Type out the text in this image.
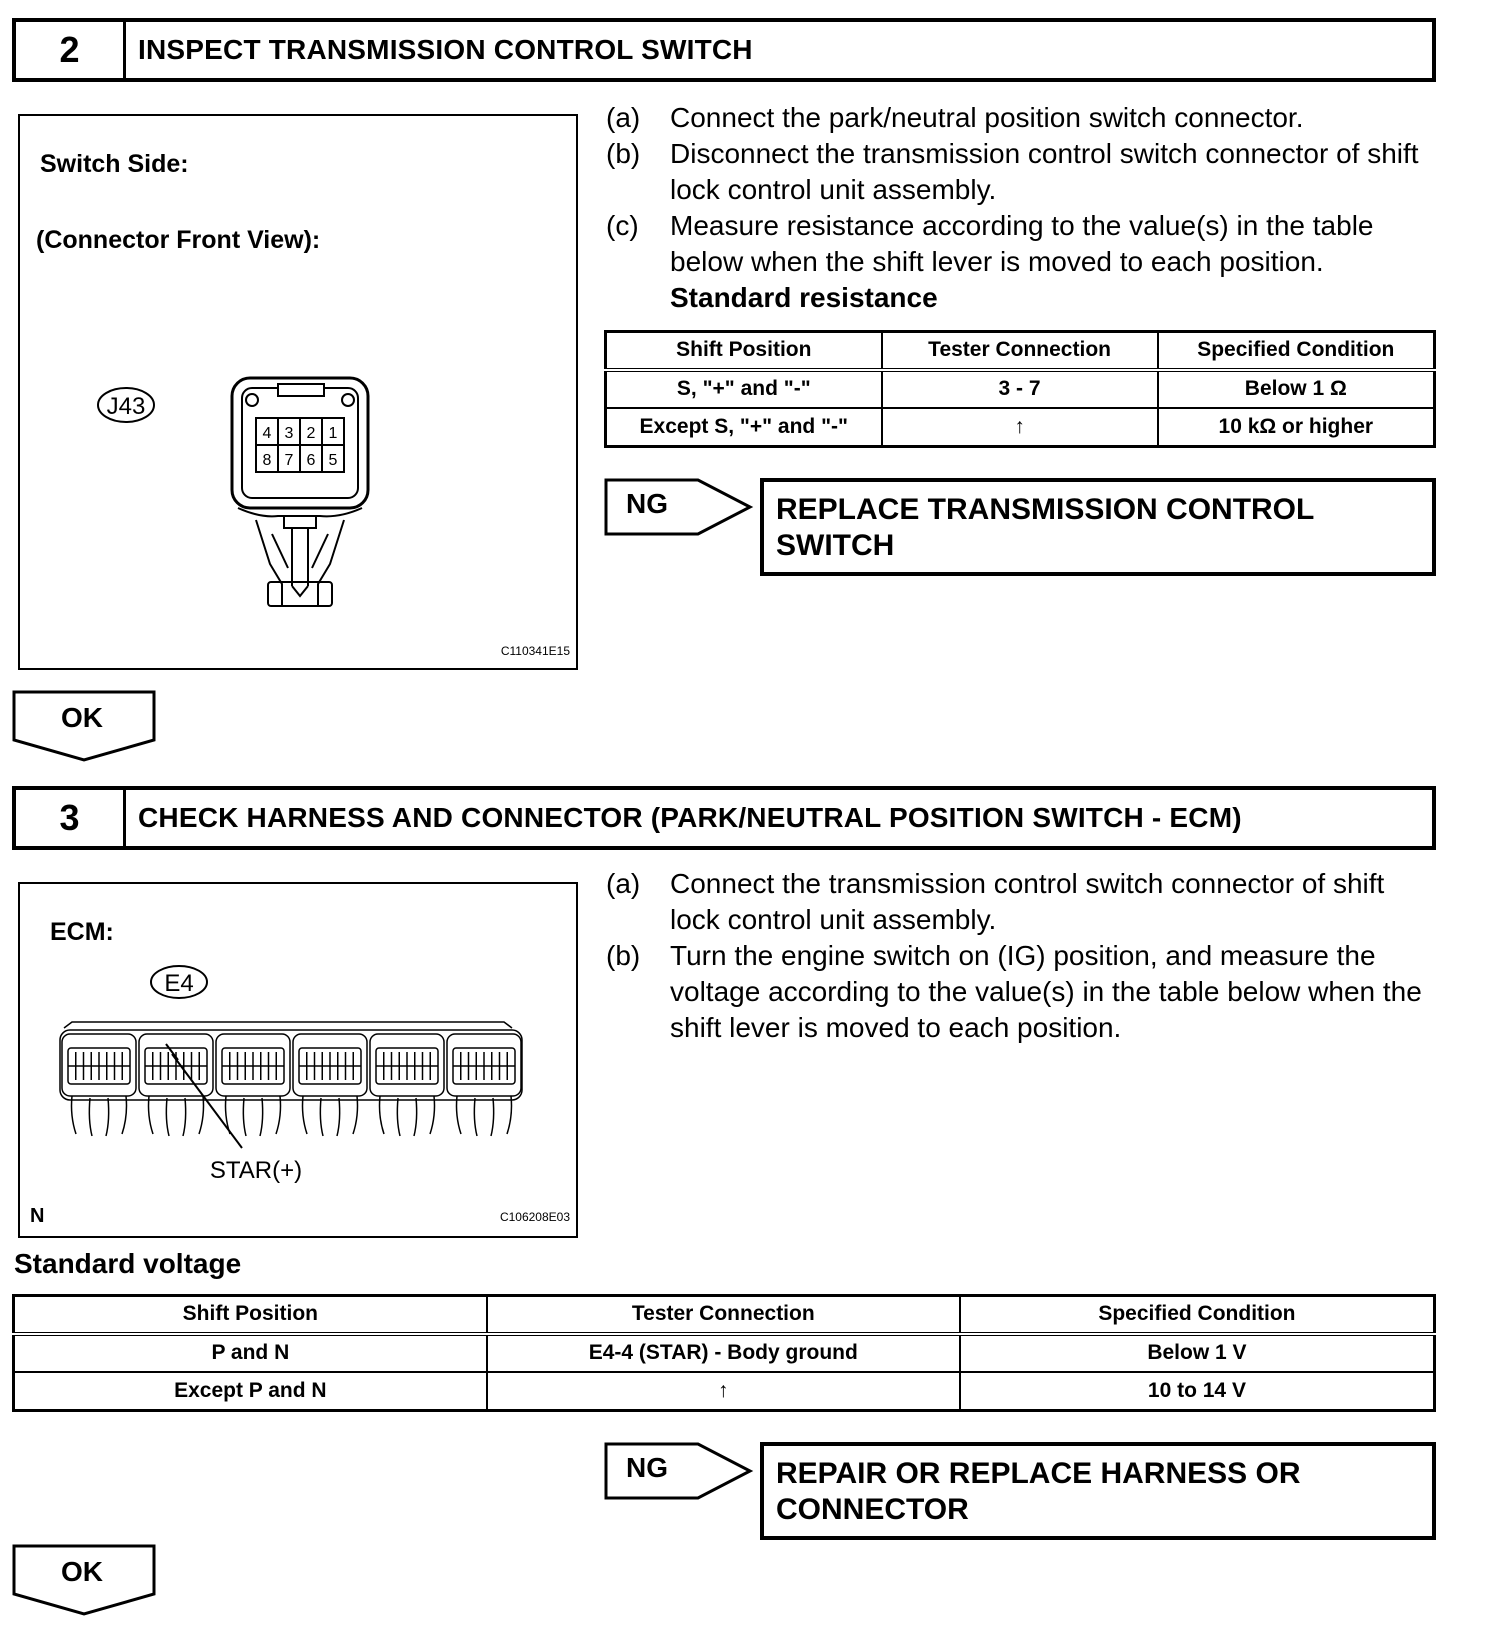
2	INSPECT TRANSMISSION CONTROL SWITCH
Switch Side:
(Connector Front View):
J43
4 3 2 1
8 7 6 5
C110341E15
(a)	Connect the park/neutral position switch connector.
(b)	Disconnect the transmission control switch connector of shift lock control unit assembly.
(c)	Measure resistance according to the value(s) in the table below when the shift lever is moved to each position.
Standard resistance
Shift Position	Tester Connection	Specified Condition
S, "+" and "-"	3 - 7	Below 1 Ω
Except S, "+" and "-"	↑	10 kΩ or higher
NG	REPLACE TRANSMISSION CONTROL SWITCH
OK
3	CHECK HARNESS AND CONNECTOR (PARK/NEUTRAL POSITION SWITCH - ECM)
ECM:
E4
STAR(+)
N	C106208E03
(a)	Connect the transmission control switch connector of shift lock control unit assembly.
(b)	Turn the engine switch on (IG) position, and measure the voltage according to the value(s) in the table below when the shift lever is moved to each position.
Standard voltage
Shift Position	Tester Connection	Specified Condition
P and N	E4-4 (STAR) - Body ground	Below 1 V
Except P and N	↑	10 to 14 V
NG	REPAIR OR REPLACE HARNESS OR CONNECTOR
OK
